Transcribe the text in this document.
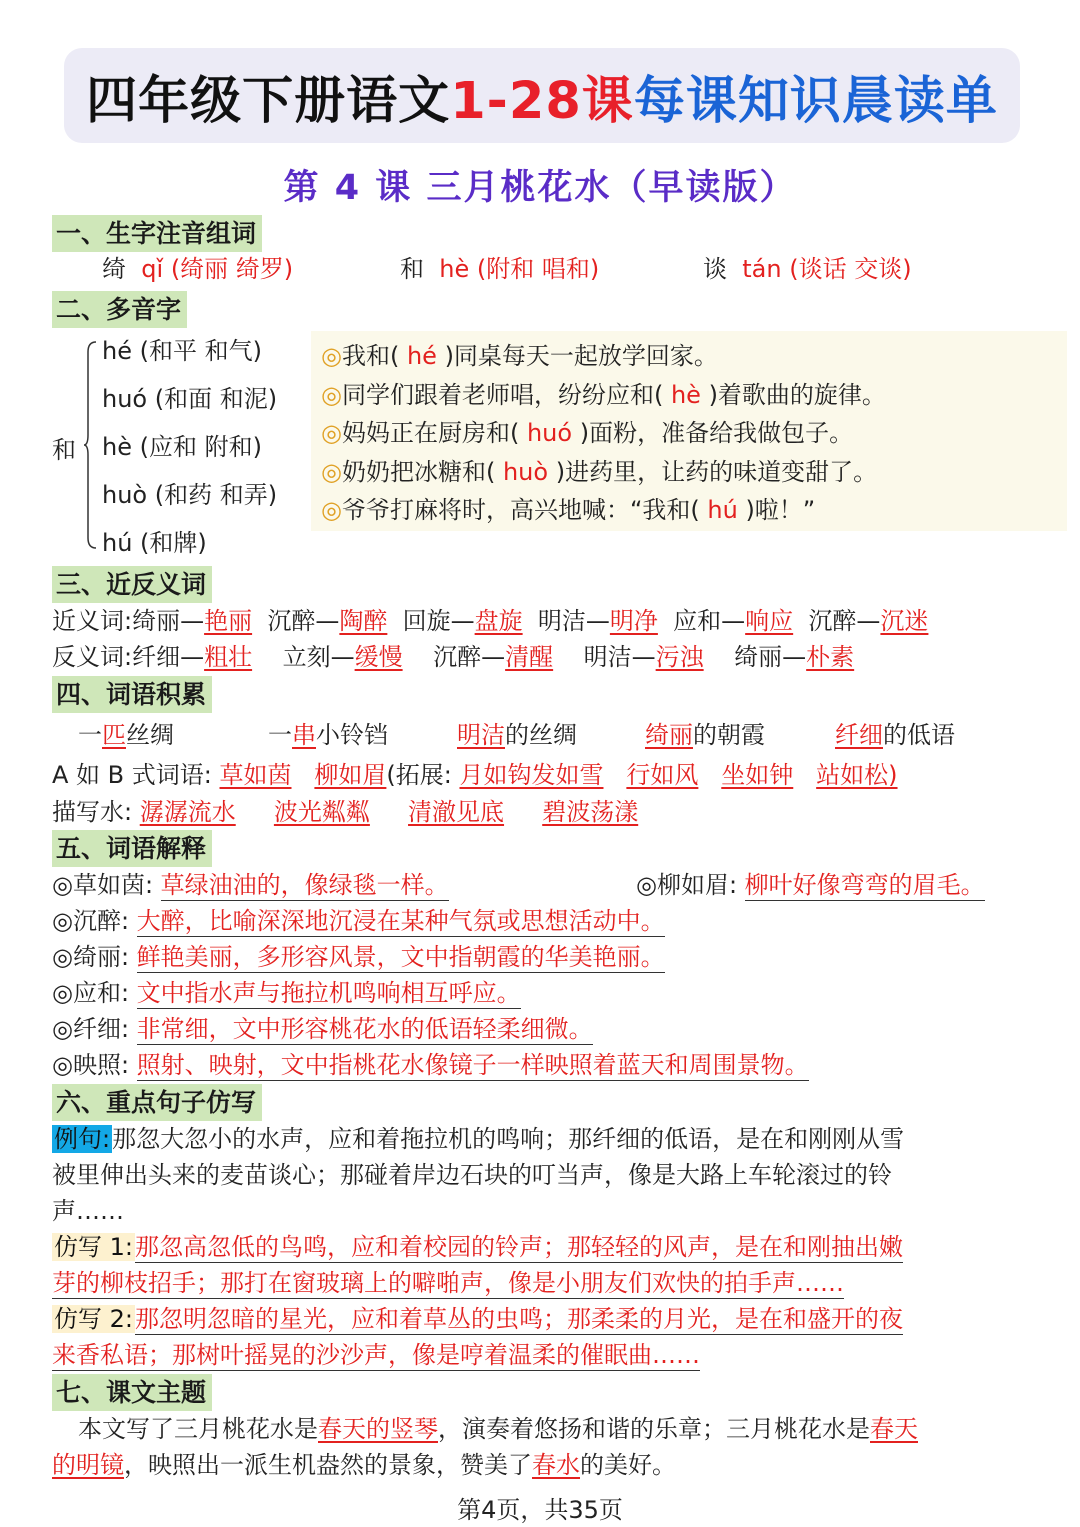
四年级下册语文 1-28课 每课知识晨读单
第 4 课 三月桃花水（早读版）
一、生字注音组词
绮 qǐ (绮丽 绮罗)	和 hè (附和 唱和)	谈 tán (谈话 交谈)
二、多音字
和
hé (和平 和气)
huó (和面 和泥)
hè (应和 附和)
huò (和药 和弄)
hú (和牌)
◎我和( hé )同桌每天一起放学回家。
◎同学们跟着老师唱，纷纷应和( hè )着歌曲的旋律。
◎妈妈正在厨房和( huó )面粉，准备给我做包子。
◎奶奶把冰糖和( huò )进药里，让药的味道变甜了。
◎爷爷打麻将时，高兴地喊：“我和( hú )啦！”
三、近反义词
近义词:绮丽—艳丽 沉醉—陶醉 回旋—盘旋 明洁—明净 应和—响应 沉醉—沉迷
反义词:纤细—粗壮 立刻—缓慢 沉醉—清醒 明洁—污浊 绮丽—朴素
四、词语积累
一匹丝绸	一串小铃铛	明洁的丝绸	绮丽的朝霞	纤细的低语
A 如 B 式词语: 草如茵 柳如眉(拓展: 月如钩发如雪 行如风 坐如钟 站如松)
描写水: 潺潺流水 波光粼粼 清澈见底 碧波荡漾
五、词语解释
◎草如茵: 草绿油油的，像绿毯一样。	◎柳如眉: 柳叶好像弯弯的眉毛。
◎沉醉: 大醉，比喻深深地沉浸在某种气氛或思想活动中。
◎绮丽: 鲜艳美丽，多形容风景，文中指朝霞的华美艳丽。
◎应和: 文中指水声与拖拉机鸣响相互呼应。
◎纤细: 非常细，文中形容桃花水的低语轻柔细微。
◎映照: 照射、映射，文中指桃花水像镜子一样映照着蓝天和周围景物。
六、重点句子仿写
例句:那忽大忽小的水声，应和着拖拉机的鸣响；那纤细的低语，是在和刚刚从雪
被里伸出头来的麦苗谈心；那碰着岸边石块的叮当声，像是大路上车轮滚过的铃
声……
仿写 1:那忽高忽低的鸟鸣，应和着校园的铃声；那轻轻的风声，是在和刚抽出嫩
芽的柳枝招手；那打在窗玻璃上的噼啪声，像是小朋友们欢快的拍手声……
仿写 2:那忽明忽暗的星光，应和着草丛的虫鸣；那柔柔的月光，是在和盛开的夜
来香私语；那树叶摇晃的沙沙声，像是哼着温柔的催眠曲……
七、课文主题
本文写了三月桃花水是春天的竖琴，演奏着悠扬和谐的乐章；三月桃花水是春天
的明镜，映照出一派生机盎然的景象，赞美了春水的美好。
第4页，共35页
